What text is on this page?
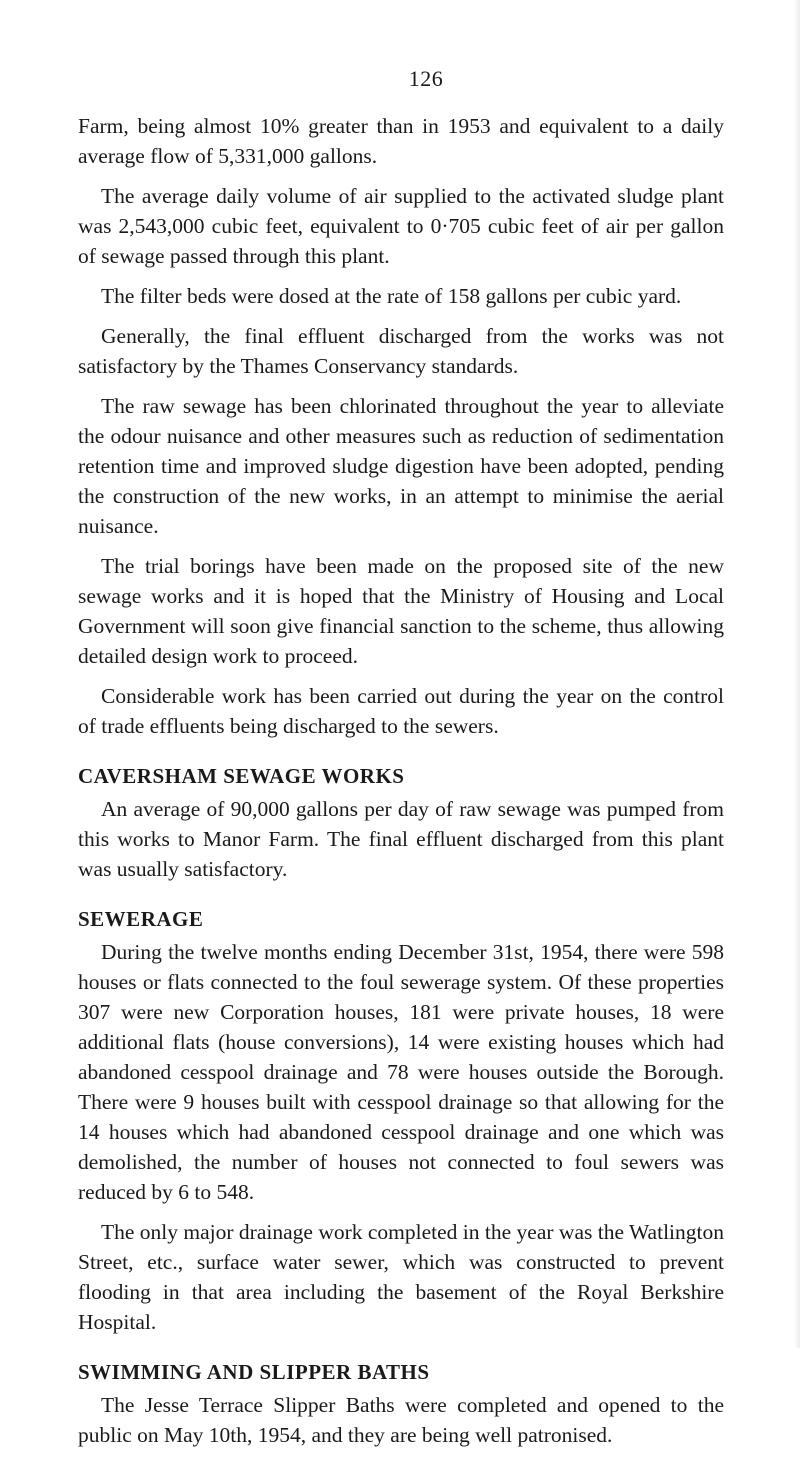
126

Farm, being almost 10% greater than in 1953 and equivalent to a daily average flow of 5,331,000 gallons.

The average daily volume of air supplied to the activated sludge plant was 2,543,000 cubic feet, equivalent to 0·705 cubic feet of air per gallon of sewage passed through this plant.

The filter beds were dosed at the rate of 158 gallons per cubic yard.

Generally, the final effluent discharged from the works was not satisfactory by the Thames Conservancy standards.

The raw sewage has been chlorinated throughout the year to alleviate the odour nuisance and other measures such as reduction of sedimentation retention time and improved sludge digestion have been adopted, pending the construction of the new works, in an attempt to minimise the aerial nuisance.

The trial borings have been made on the proposed site of the new sewage works and it is hoped that the Ministry of Housing and Local Government will soon give financial sanction to the scheme, thus allowing detailed design work to proceed.

Considerable work has been carried out during the year on the control of trade effluents being discharged to the sewers.

CAVERSHAM SEWAGE WORKS

An average of 90,000 gallons per day of raw sewage was pumped from this works to Manor Farm. The final effluent discharged from this plant was usually satisfactory.

SEWERAGE

During the twelve months ending December 31st, 1954, there were 598 houses or flats connected to the foul sewerage system. Of these properties 307 were new Corporation houses, 181 were private houses, 18 were additional flats (house conversions), 14 were existing houses which had abandoned cesspool drainage and 78 were houses outside the Borough. There were 9 houses built with cesspool drainage so that allowing for the 14 houses which had abandoned cesspool drainage and one which was demolished, the number of houses not connected to foul sewers was reduced by 6 to 548.

The only major drainage work completed in the year was the Watlington Street, etc., surface water sewer, which was constructed to prevent flooding in that area including the basement of the Royal Berkshire Hospital.

SWIMMING AND SLIPPER BATHS

The Jesse Terrace Slipper Baths were completed and opened to the public on May 10th, 1954, and they are being well patronised.
